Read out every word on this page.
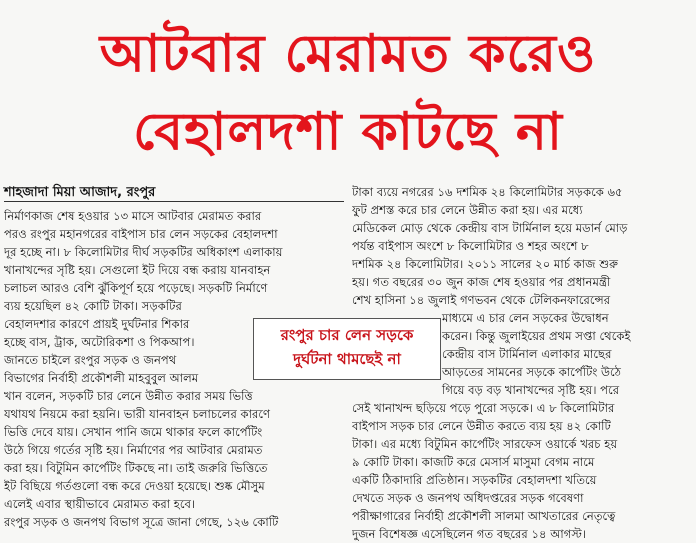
আটবার মেরামত করেও
বেহালদশা কাটছে না
শাহজাদা মিয়া আজাদ, রংপুর

নির্মাণকাজ শেষ হওয়ার ১৩ মাসে আটবার মেরামত করার

পরও রংপুর মহানগরের বাইপাস চার লেন সড়কের বেহালদশা

দূর হচ্ছে না। ৮ কিলোমিটার দীর্ঘ সড়কটির অধিকাংশ এলাকায়

খানাখন্দের সৃষ্টি হয়। সেগুলো ইট দিয়ে বন্ধ করায় যানবাহন

চলাচল আরও বেশি ঝুঁকিপূর্ণ হয়ে পড়েছে। সড়কটি নির্মাণে

ব্যয় হয়েছিল ৪২ কোটি টাকা। সড়কটির

বেহালদশার কারণে প্রায়ই দুর্ঘটনার শিকার

হচ্ছে বাস, ট্রাক, অটোরিকশা ও পিকআপ।

জানতে চাইলে রংপুর সড়ক ও জনপথ

বিভাগের নির্বাহী প্রকৌশলী মাহবুবুল আলম

খান বলেন, সড়কটি চার লেনে উন্নীত করার সময় ভিত্তি

যথাযথ নিয়মে করা হয়নি। ভারী যানবাহন চলাচলের কারণে

ভিত্তি দেবে যায়। সেখান পানি জমে থাকার ফলে কার্পেটিং

উঠে গিয়ে গর্তের সৃষ্টি হয়। নির্মাণের পর আটবার মেরামত

করা হয়। বিটুমিন কার্পেটিং টিকছে না। তাই জরুরি ভিত্তিতে

ইট বিছিয়ে গর্তগুলো বন্ধ করে দেওয়া হয়েছে। শুষ্ক মৌসুম

এলেই এবার স্থায়ীভাবে মেরামত করা হবে।

রংপুর সড়ক ও জনপথ বিভাগ সূত্রে জানা গেছে, ১২৬ কোটি

টাকা ব্যয়ে নগরের ১৬ দশমিক ২৪ কিলোমিটার সড়ককে ৬৫

ফুট প্রশস্ত করে চার লেনে উন্নীত করা হয়। এর মধ্যে

মেডিকেল মোড় থেকে কেন্দ্রীয় বাস টার্মিনাল হয়ে মডার্ন মোড়

পর্যন্ত বাইপাস অংশে ৮ কিলোমিটার ও শহর অংশে ৮

দশমিক ২৪ কিলোমিটার। ২০১১ সালের ২০ মার্চ কাজ শুরু

হয়। গত বছরের ৩০ জুন কাজ শেষ হওয়ার পর প্রধানমন্ত্রী

শেখ হাসিনা ১৪ জুলাই গণভবন থেকে টেলিকনফারেন্সের

মাধ্যমে এ চার লেন সড়কের উদ্বোধন

করেন। কিন্তু জুলাইয়ের প্রথম সপ্তা থেকেই

কেন্দ্রীয় বাস টার্মিনাল এলাকার মাছের

আড়তের সামনের সড়কে কার্পেটিং উঠে

গিয়ে বড় বড় খানাখন্দের সৃষ্টি হয়। পরে

সেই খানাখন্দ ছড়িয়ে পড়ে পুরো সড়কে। এ ৮ কিলোমিটার

বাইপাস সড়ক চার লেনে উন্নীত করতে ব্যয় হয় ৪২ কোটি

টাকা। এর মধ্যে বিটুমিন কার্পেটিং সারফেস ওয়ার্কে খরচ হয়

৯ কোটি টাকা। কাজটি করে মেসার্স মাসুমা বেগম নামে

একটি ঠিকাদারি প্রতিষ্ঠান। সড়কটির বেহালদশা খতিয়ে

দেখতে সড়ক ও জনপথ অধিদপ্তরের সড়ক গবেষণা

পরীক্ষাগারের নির্বাহী প্রকৌশলী সালমা আখতারের নেতৃত্বে

দুজন বিশেষজ্ঞ এসেছিলেন গত বছরের ১৪ আগস্ট।

রংপুর চার লেন সড়কে
দুর্ঘটনা থামছেই না
